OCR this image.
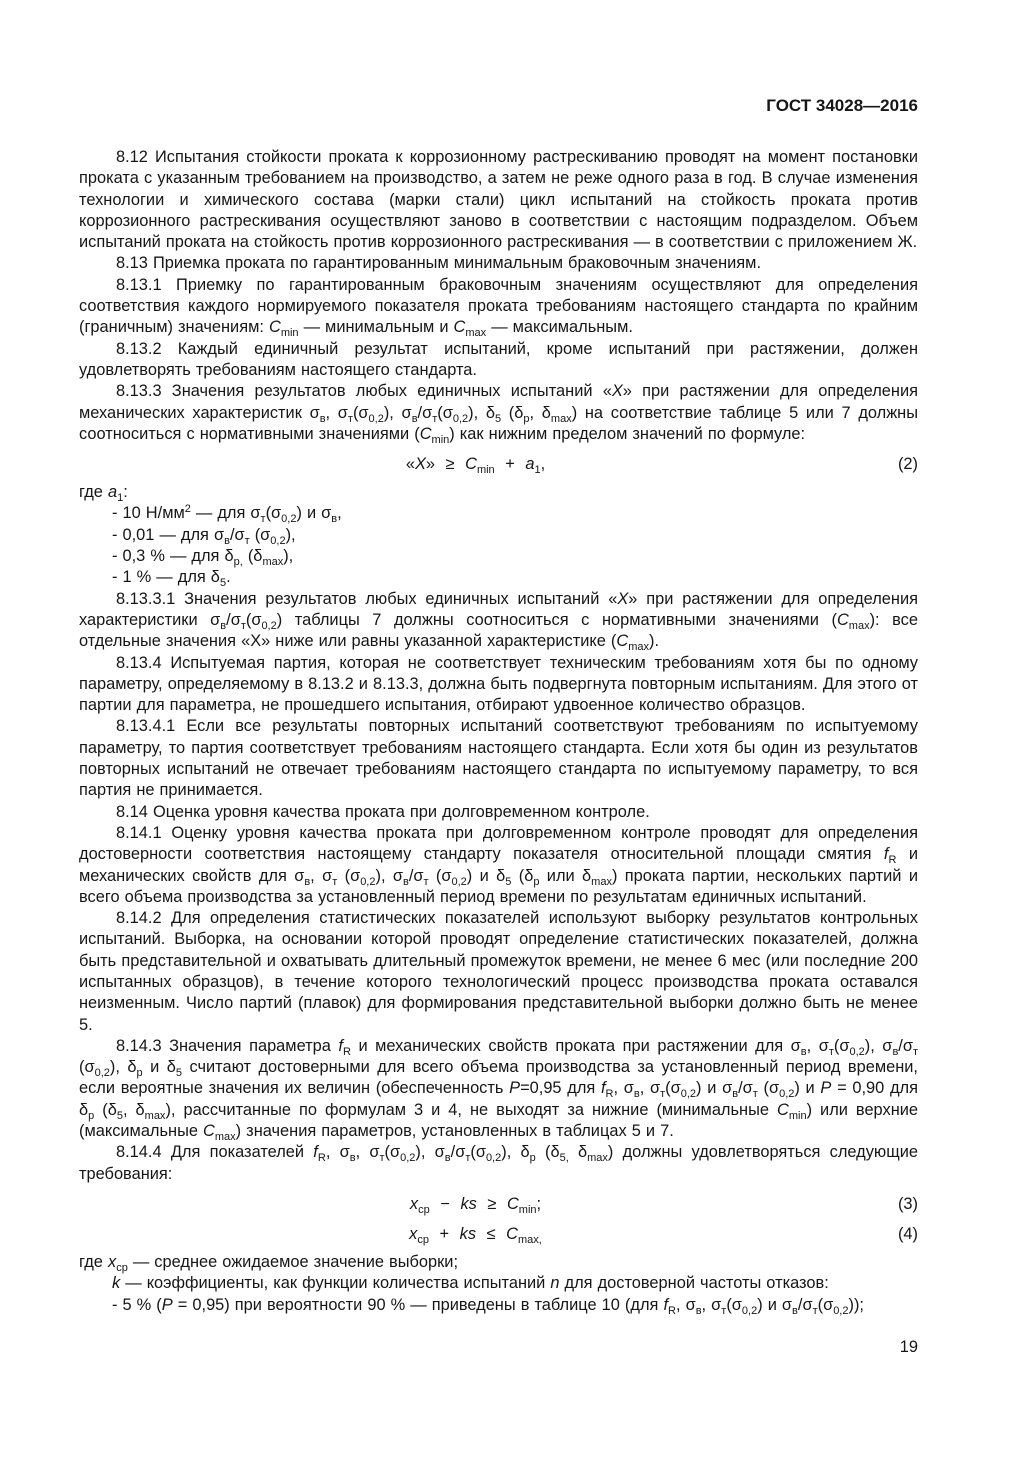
ГОСТ 34028—2016

8.12 Испытания стойкости проката к коррозионному растрескиванию проводят на момент постановки проката с указанным требованием на производство, а затем не реже одного раза в год. В случае изменения технологии и химического состава (марки стали) цикл испытаний на стойкость проката против коррозионного растрескивания осуществляют заново в соответствии с настоящим подразделом. Объем испытаний проката на стойкость против коррозионного растрескивания — в соответствии с приложением Ж.

8.13 Приемка проката по гарантированным минимальным браковочным значениям.

8.13.1 Приемку по гарантированным браковочным значениям осуществляют для определения соответствия каждого нормируемого показателя проката требованиям настоящего стандарта по крайним (граничным) значениям: $C_{min}$ — минимальным и $C_{max}$ — максимальным.

8.13.2 Каждый единичный результат испытаний, кроме испытаний при растяжении, должен удовлетворять требованиям настоящего стандарта.

8.13.3 Значения результатов любых единичных испытаний «X» при растяжении для определения механических характеристик $\sigma_в$, $\sigma_т(\sigma_{0,2})$, $\sigma_в/\sigma_т(\sigma_{0,2})$, $\delta_5$ ($\delta_р$, $\delta_{max}$) на соответствие таблице 5 или 7 должны соотноситься с нормативными значениями $(C_{min})$ как нижним пределом значений по формуле:

«X» ≥ $C_{min} + a_1$,	(2)

где $a_1$:

- 10 $Н/мм^2$ — для $\sigma_т(\sigma_{0,2})$ и $\sigma_в$,

- 0,01 — для $\sigma_в/\sigma_т$ $(\sigma_{0,2})$,

- 0,3 % — для $\delta_{р,}$ $(\delta_{max})$,

- 1 % — для $\delta_5$.

8.13.3.1 Значения результатов любых единичных испытаний «X» при растяжении для определения характеристики $\sigma_в/\sigma_т(\sigma_{0,2})$ таблицы 7 должны соотноситься с нормативными значениями $(C_{max})$: все отдельные значения «X» ниже или равны указанной характеристике $(C_{max})$.

8.13.4 Испытуемая партия, которая не соответствует техническим требованиям хотя бы по одному параметру, определяемому в 8.13.2 и 8.13.3, должна быть подвергнута повторным испытаниям. Для этого от партии для параметра, не прошедшего испытания, отбирают удвоенное количество образцов.

8.13.4.1 Если все результаты повторных испытаний соответствуют требованиям по испытуемому параметру, то партия соответствует требованиям настоящего стандарта. Если хотя бы один из результатов повторных испытаний не отвечает требованиям настоящего стандарта по испытуемому параметру, то вся партия не принимается.

8.14 Оценка уровня качества проката при долговременном контроле.

8.14.1 Оценку уровня качества проката при долговременном контроле проводят для определения достоверности соответствия настоящему стандарту показателя относительной площади смятия $f_R$ и механических свойств для $\sigma_в$, $\sigma_т$ $(\sigma_{0,2})$, $\sigma_в/\sigma_т$ $(\sigma_{0,2})$ и $\delta_5$ ($\delta_р$ или $\delta_{max}$) проката партии, нескольких партий и всего объема производства за установленный период времени по результатам единичных испытаний.

8.14.2 Для определения статистических показателей используют выборку результатов контрольных испытаний. Выборка, на основании которой проводят определение статистических показателей, должна быть представительной и охватывать длительный промежуток времени, не менее 6 мес (или последние 200 испытанных образцов), в течение которого технологический процесс производства проката оставался неизменным. Число партий (плавок) для формирования представительной выборки должно быть не менее 5.

8.14.3 Значения параметра $f_R$ и механических свойств проката при растяжении для $\sigma_в$, $\sigma_т(\sigma_{0,2})$, $\sigma_в/\sigma_т$ $(\sigma_{0,2})$, $\delta_р$ и $\delta_5$ считают достоверными для всего объема производства за установленный период времени, если вероятные значения их величин (обеспеченность P=0,95 для $f_R$, $\sigma_в$, $\sigma_т(\sigma_{0,2})$ и $\sigma_в/\sigma_т$ $(\sigma_{0,2})$ и P = 0,90 для $\delta_р$ ($\delta_5$, $\delta_{max}$), рассчитанные по формулам 3 и 4, не выходят за нижние (минимальные $C_{min}$) или верхние (максимальные $C_{max}$) значения параметров, установленных в таблицах 5 и 7.

8.14.4 Для показателей $f_R$, $\sigma_в$, $\sigma_т(\sigma_{0,2})$, $\sigma_в/\sigma_т(\sigma_{0,2})$, $\delta_р$ ($\delta_{5,}$ $\delta_{max}$) должны удовлетворяться следующие требования:

$x_{ср}$ − ks ≥ $C_{min}$;	(3)
$x_{ср}$ + ks ≤ $C_{max,}$	(4)

где $x_{ср}$ — среднее ожидаемое значение выборки;

k — коэффициенты, как функции количества испытаний n для достоверной частоты отказов:

- 5 % (P = 0,95) при вероятности 90 % — приведены в таблице 10 (для $f_R$, $\sigma_в$, $\sigma_т(\sigma_{0,2})$ и $\sigma_в/\sigma_т(\sigma_{0,2})$);

19
